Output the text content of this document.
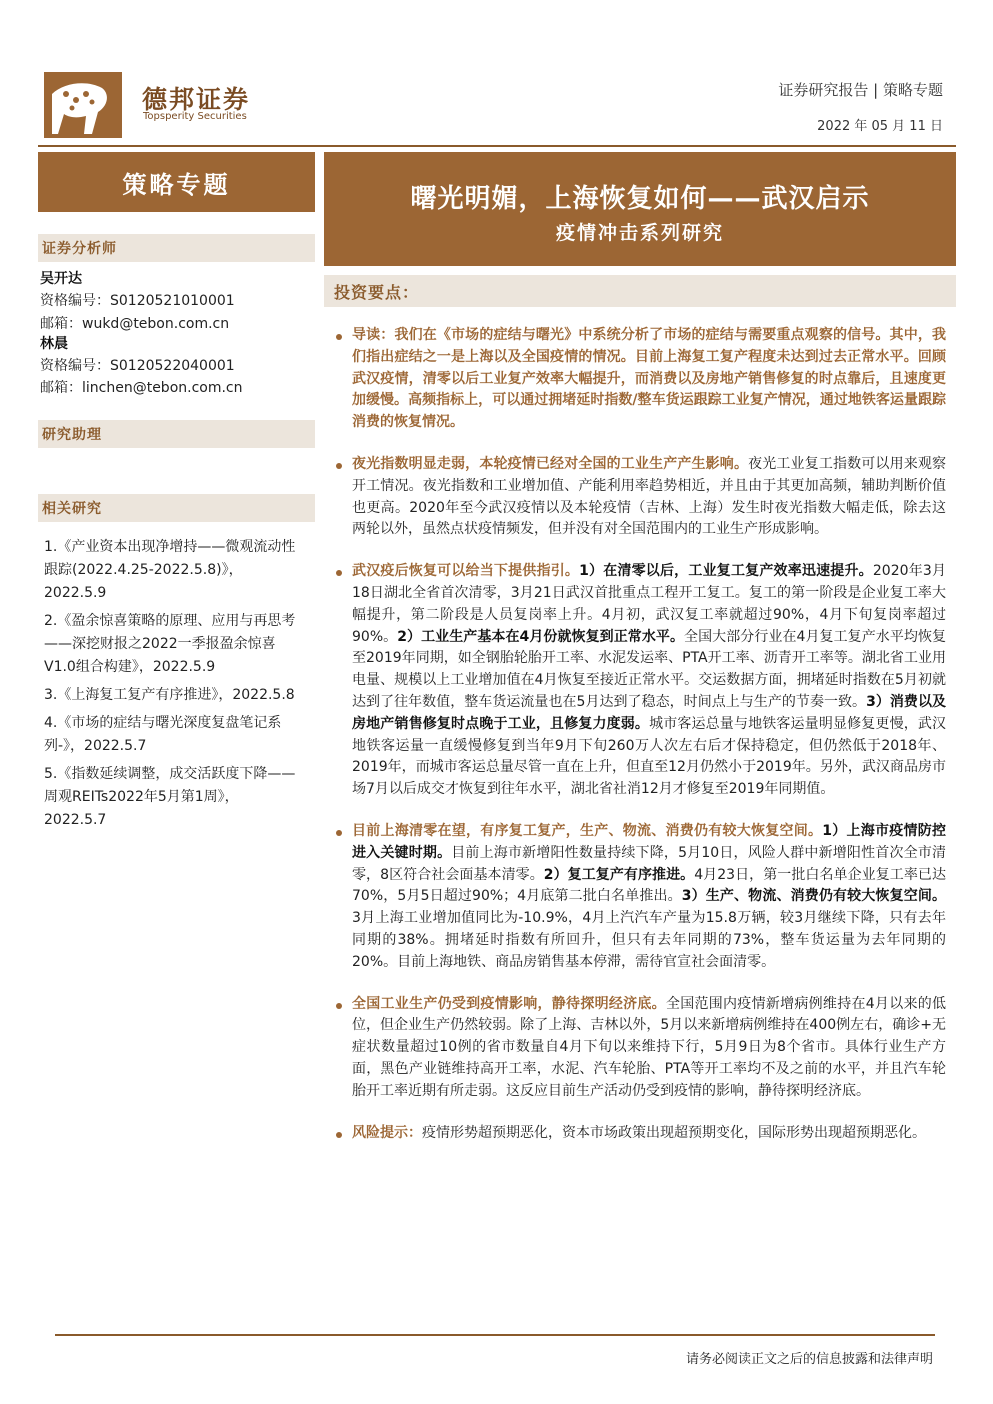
德邦证券
Topsperity Securities
证券研究报告 | 策略专题
2022 年 05 月 11 日
策略专题
证券分析师
吴开达
资格编号：S0120521010001
邮箱：wukd@tebon.com.cn
林晨
资格编号：S0120522040001
邮箱：linchen@tebon.com.cn
研究助理
相关研究
1.《产业资本出现净增持——微观流动性跟踪(2022.4.25-2022.5.8)》，2022.5.9
2.《盈余惊喜策略的原理、应用与再思考——深挖财报之2022一季报盈余惊喜V1.0组合构建》，2022.5.9
3.《上海复工复产有序推进》，2022.5.8
4.《市场的症结与曙光深度复盘笔记系列-》，2022.5.7
5.《指数延续调整，成交活跃度下降——周观REITs2022年5月第1周》，2022.5.7
曙光明媚，上海恢复如何——武汉启示
疫情冲击系列研究
投资要点：
导读：我们在《市场的症结与曙光》中系统分析了市场的症结与需要重点观察的信号。其中，我们指出症结之一是上海以及全国疫情的情况。目前上海复工复产程度未达到过去正常水平。回顾武汉疫情，清零以后工业复产效率大幅提升，而消费以及房地产销售修复的时点靠后，且速度更加缓慢。高频指标上，可以通过拥堵延时指数/整车货运跟踪工业复产情况，通过地铁客运量跟踪消费的恢复情况。
夜光指数明显走弱，本轮疫情已经对全国的工业生产产生影响。夜光工业复工指数可以用来观察开工情况。夜光指数和工业增加值、产能利用率趋势相近，并且由于其更加高频，辅助判断价值也更高。2020年至今武汉疫情以及本轮疫情（吉林、上海）发生时夜光指数大幅走低，除去这两轮以外，虽然点状疫情频发，但并没有对全国范围内的工业生产形成影响。
武汉疫后恢复可以给当下提供指引。1）在清零以后，工业复工复产效率迅速提升。2020年3月18日湖北全省首次清零，3月21日武汉首批重点工程开工复工。复工的第一阶段是企业复工率大幅提升，第二阶段是人员复岗率上升。4月初，武汉复工率就超过90%，4月下旬复岗率超过90%。2）工业生产基本在4月份就恢复到正常水平。全国大部分行业在4月复工复产水平均恢复至2019年同期，如全钢胎轮胎开工率、水泥发运率、PTA开工率、沥青开工率等。湖北省工业用电量、规模以上工业增加值在4月恢复至接近正常水平。交运数据方面，拥堵延时指数在5月初就达到了往年数值，整车货运流量也在5月达到了稳态，时间点上与生产的节奏一致。3）消费以及房地产销售修复时点晚于工业，且修复力度弱。城市客运总量与地铁客运量明显修复更慢，武汉地铁客运量一直缓慢修复到当年9月下旬260万人次左右后才保持稳定，但仍然低于2018年、2019年，而城市客运总量尽管一直在上升，但直至12月仍然小于2019年。另外，武汉商品房市场7月以后成交才恢复到往年水平，湖北省社消12月才修复至2019年同期值。
目前上海清零在望，有序复工复产，生产、物流、消费仍有较大恢复空间。1）上海市疫情防控进入关键时期。目前上海市新增阳性数量持续下降，5月10日，风险人群中新增阳性首次全市清零，8区符合社会面基本清零。2）复工复产有序推进。4月23日，第一批白名单企业复工率已达70%，5月5日超过90%；4月底第二批白名单推出。3）生产、物流、消费仍有较大恢复空间。3月上海工业增加值同比为-10.9%，4月上汽汽车产量为15.8万辆，较3月继续下降，只有去年同期的38%。拥堵延时指数有所回升，但只有去年同期的73%，整车货运量为去年同期的20%。目前上海地铁、商品房销售基本停滞，需待官宣社会面清零。
全国工业生产仍受到疫情影响，静待探明经济底。全国范围内疫情新增病例维持在4月以来的低位，但企业生产仍然较弱。除了上海、吉林以外，5月以来新增病例维持在400例左右，确诊+无症状数量超过10例的省市数量自4月下旬以来维持下行，5月9日为8个省市。具体行业生产方面，黑色产业链维持高开工率，水泥、汽车轮胎、PTA等开工率均不及之前的水平，并且汽车轮胎开工率近期有所走弱。这反应目前生产活动仍受到疫情的影响，静待探明经济底。
风险提示：疫情形势超预期恶化，资本市场政策出现超预期变化，国际形势出现超预期恶化。
请务必阅读正文之后的信息披露和法律声明
